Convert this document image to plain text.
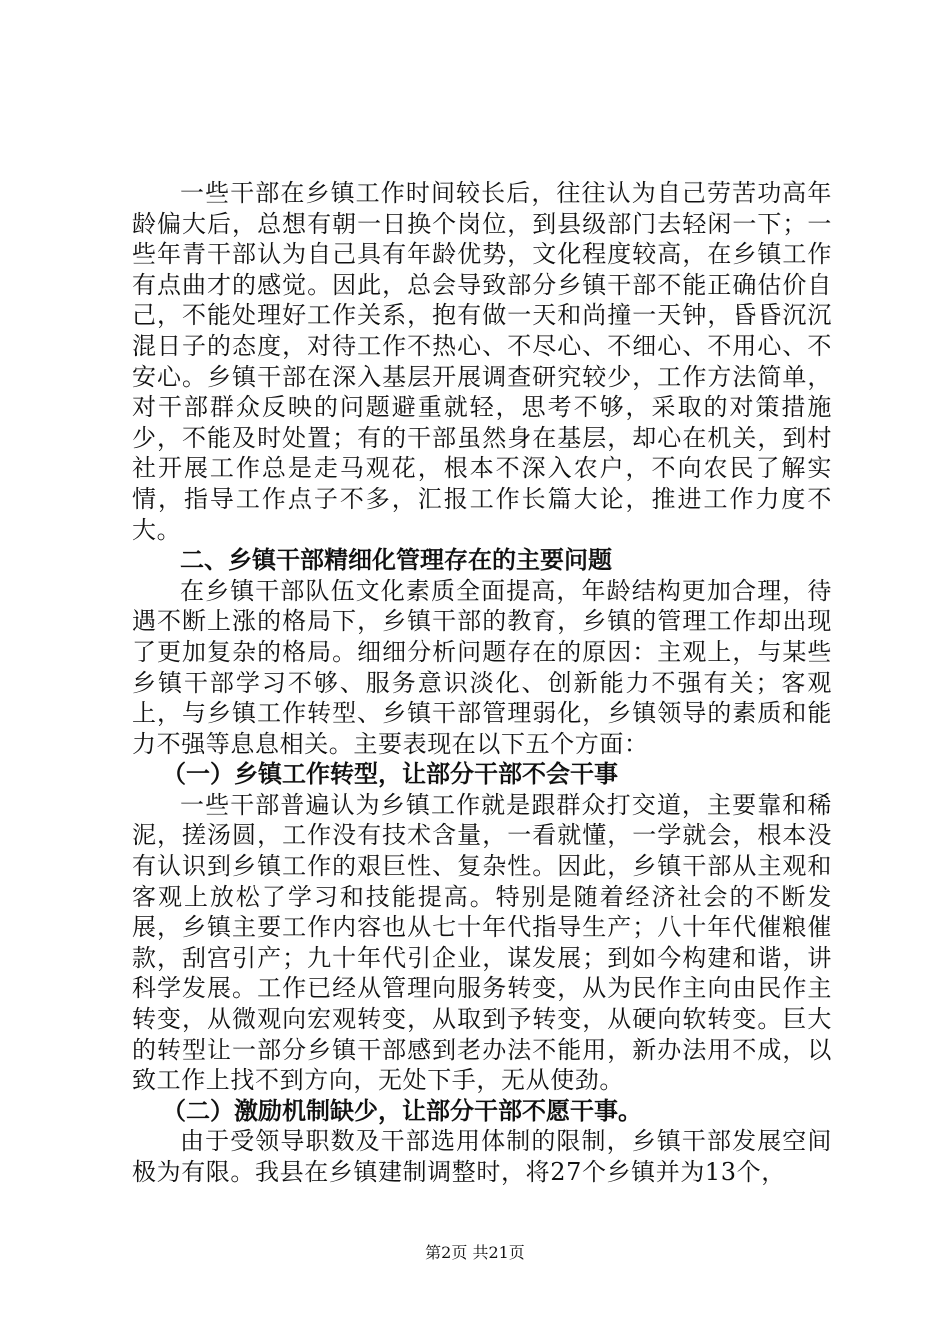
一些干部在乡镇工作时间较长后，往往认为自己劳苦功高年龄偏大后，总想有朝一日换个岗位，到县级部门去轻闲一下；一些年青干部认为自己具有年龄优势，文化程度较高，在乡镇工作有点曲才的感觉。因此，总会导致部分乡镇干部不能正确估价自己，不能处理好工作关系，抱有做一天和尚撞一天钟，昏昏沉沉混日子的态度，对待工作不热心、不尽心、不细心、不用心、不安心。乡镇干部在深入基层开展调查研究较少，工作方法简单，对干部群众反映的问题避重就轻，思考不够，采取的对策措施少，不能及时处置；有的干部虽然身在基层，却心在机关，到村社开展工作总是走马观花，根本不深入农户，不向农民了解实情，指导工作点子不多，汇报工作长篇大论，推进工作力度不大。

二、乡镇干部精细化管理存在的主要问题

在乡镇干部队伍文化素质全面提高，年龄结构更加合理，待遇不断上涨的格局下，乡镇干部的教育，乡镇的管理工作却出现了更加复杂的格局。细细分析问题存在的原因：主观上，与某些乡镇干部学习不够、服务意识淡化、创新能力不强有关；客观上，与乡镇工作转型、乡镇干部管理弱化，乡镇领导的素质和能力不强等息息相关。主要表现在以下五个方面：

（一）乡镇工作转型，让部分干部不会干事

一些干部普遍认为乡镇工作就是跟群众打交道，主要靠和稀泥，搓汤圆，工作没有技术含量，一看就懂，一学就会，根本没有认识到乡镇工作的艰巨性、复杂性。因此，乡镇干部从主观和客观上放松了学习和技能提高。特别是随着经济社会的不断发展，乡镇主要工作内容也从七十年代指导生产；八十年代催粮催款，刮宫引产；九十年代引企业，谋发展；到如今构建和谐，讲科学发展。工作已经从管理向服务转变，从为民作主向由民作主转变，从微观向宏观转变，从取到予转变，从硬向软转变。巨大的转型让一部分乡镇干部感到老办法不能用，新办法用不成，以致工作上找不到方向，无处下手，无从使劲。

（二）激励机制缺少，让部分干部不愿干事。

由于受领导职数及干部选用体制的限制，乡镇干部发展空间极为有限。我县在乡镇建制调整时，将27个乡镇并为13个，

第2页 共21页
